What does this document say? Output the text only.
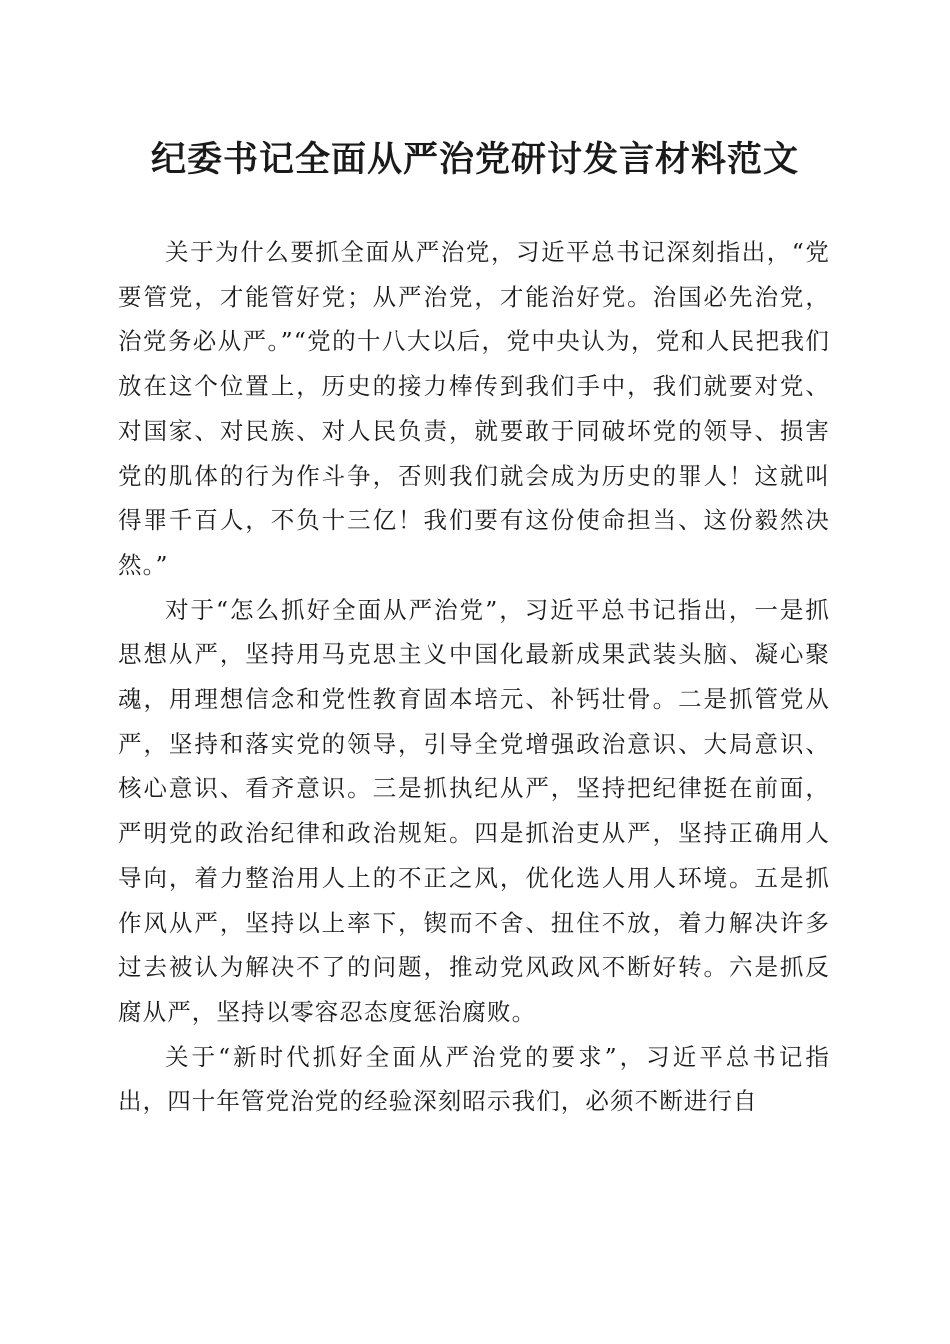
纪委书记全面从严治党研讨发言材料范文

关于为什么要抓全面从严治党，习近平总书记深刻指出，“党要管党，才能管好党；从严治党，才能治好党。治国必先治党，治党务必从严。”“党的十八大以后，党中央认为，党和人民把我们放在这个位置上，历史的接力棒传到我们手中，我们就要对党、对国家、对民族、对人民负责，就要敢于同破坏党的领导、损害党的肌体的行为作斗争，否则我们就会成为历史的罪人！这就叫得罪千百人，不负十三亿！我们要有这份使命担当、这份毅然决然。”

对于“怎么抓好全面从严治党”，习近平总书记指出，一是抓思想从严，坚持用马克思主义中国化最新成果武装头脑、凝心聚魂，用理想信念和党性教育固本培元、补钙壮骨。二是抓管党从严，坚持和落实党的领导，引导全党增强政治意识、大局意识、核心意识、看齐意识。三是抓执纪从严，坚持把纪律挺在前面，严明党的政治纪律和政治规矩。四是抓治吏从严，坚持正确用人导向，着力整治用人上的不正之风，优化选人用人环境。五是抓作风从严，坚持以上率下，锲而不舍、扭住不放，着力解决许多过去被认为解决不了的问题，推动党风政风不断好转。六是抓反腐从严，坚持以零容忍态度惩治腐败。

关于“新时代抓好全面从严治党的要求”，习近平总书记指出，四十年管党治党的经验深刻昭示我们，必须不断进行自
